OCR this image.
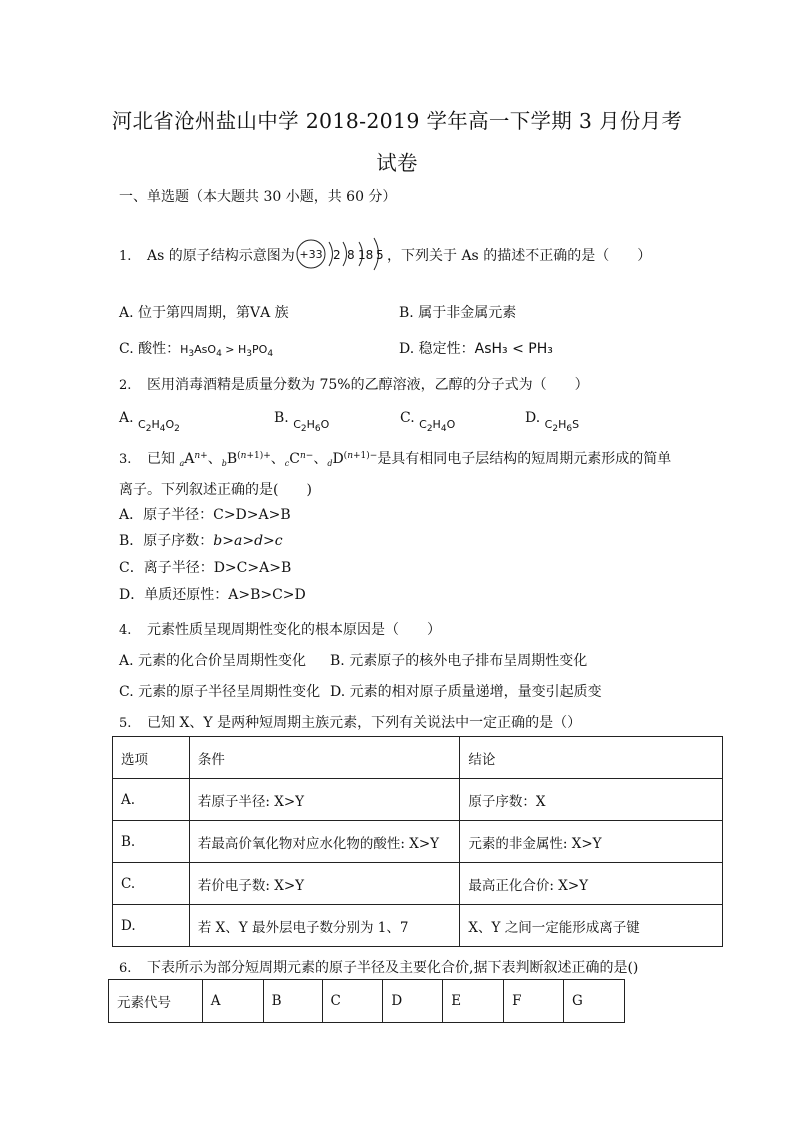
河北省沧州盐山中学 2018-2019 学年高一下学期 3 月份月考
试卷
一、单选题（本大题共 30 小题，共 60 分）
1. As 的原子结构示意图为 +33 2 8 18 5 ，下列关于 As 的描述不正确的是（　　）
A. 位于第四周期，第ⅤA 族	B. 属于非金属元素
C. 酸性：$H_3AsO_4 > H_3PO_4$	D. 稳定性：AsH₃ < PH₃
2. 医用消毒酒精是质量分数为 75%的乙醇溶液，乙醇的分子式为（　　）
A. $_{C_2H_4O_2}$
B. $_{C_2H_6O}$	C. $_{C_2H_4O}$	D. $_{C_2H_6S}$
3. 已知 $_aA^{n+}$、$_bB^{(n+1)+}$、$_cC^{n-}$、$_dD^{(n+1)-}$是具有相同电子层结构的短周期元素形成的简单
离子。下列叙述正确的是(　　)
A．原子半径：C>D>A>B
B．原子序数：b>a>d>c
C．离子半径：D>C>A>B
D．单质还原性：A>B>C>D
4. 元素性质呈现周期性变化的根本原因是（　　）
A. 元素的化合价呈周期性变化 B. 元素原子的核外电子排布呈周期性变化
C. 元素的原子半径呈周期性变化 D. 元素的相对原子质量递增，量变引起质变
5. 已知 X、Y 是两种短周期主族元素，下列有关说法中一定正确的是（）
选项	条件	结论
A.	若原子半径: X>Y	原子序数：X
B.	若最高价氧化物对应水化物的酸性: X>Y	元素的非金属性: X>Y
C.	若价电子数: X>Y	最高正化合价: X>Y
D.	若 X、Y 最外层电子数分别为 1、7	X、Y 之间一定能形成离子键
6. 下表所示为部分短周期元素的原子半径及主要化合价,据下表判断叙述正确的是()
元素代号	A	B	C	D	E	F	G
